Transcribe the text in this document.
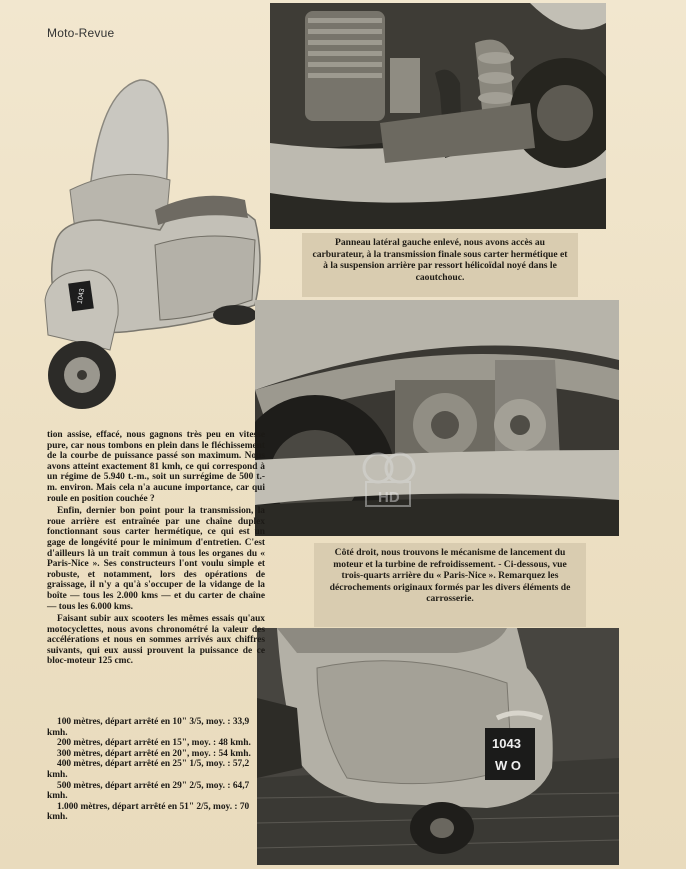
Moto-Revue
1043
Panneau latéral gauche enlevé, nous avons accès au carburateur, à la transmission finale sous carter hermétique et à la suspension arrière par ressort hélicoïdal noyé dans le caoutchouc.
HD
Côté droit, nous trouvons le mécanisme de lancement du moteur et la turbine de refroidissement. - Ci-dessous, vue trois-quarts arrière du « Paris-Nice ». Remarquez les décrochements originaux formés par les divers éléments de carrosserie.
1043
W O

tion assise, effacé, nous gagnons très peu en vitesse pure, car nous tombons en plein dans le fléchissement de la courbe de puissance passé son maximum. Nous avons atteint exactement 81 kmh, ce qui correspond à un régime de 5.940 t.-m., soit un surrégime de 500 t.-m. environ. Mais cela n'a aucune importance, car qui roule en position couchée ?

Enfin, dernier bon point pour la transmission, la roue arrière est entraînée par une chaîne duplex fonctionnant sous carter hermétique, ce qui est un gage de longévité pour le minimum d'entretien. C'est d'ailleurs là un trait commun à tous les organes du « Paris-Nice ». Ses constructeurs l'ont voulu simple et robuste, et notamment, lors des opérations de graissage, il n'y a qu'à s'occuper de la vidange de la boîte — tous les 2.000 kms — et du carter de chaîne — tous les 6.000 kms.

Faisant subir aux scooters les mêmes essais qu'aux motocyclettes, nous avons chronométré la valeur des accélérations et nous en sommes arrivés aux chiffres suivants, qui eux aussi prouvent la puissance de ce bloc-moteur 125 cmc.

100 mètres, départ arrêté en 10" 3/5, moy. : 33,9 kmh.
200 mètres, départ arrêté en 15", moy. : 48 kmh.
300 mètres, départ arrêté en 20", moy. : 54 kmh.
400 mètres, départ arrêté en 25" 1/5, moy. : 57,2 kmh.
500 mètres, départ arrêté en 29" 2/5, moy. : 64,7 kmh.
1.000 mètres, départ arrêté en 51" 2/5, moy. : 70 kmh.
